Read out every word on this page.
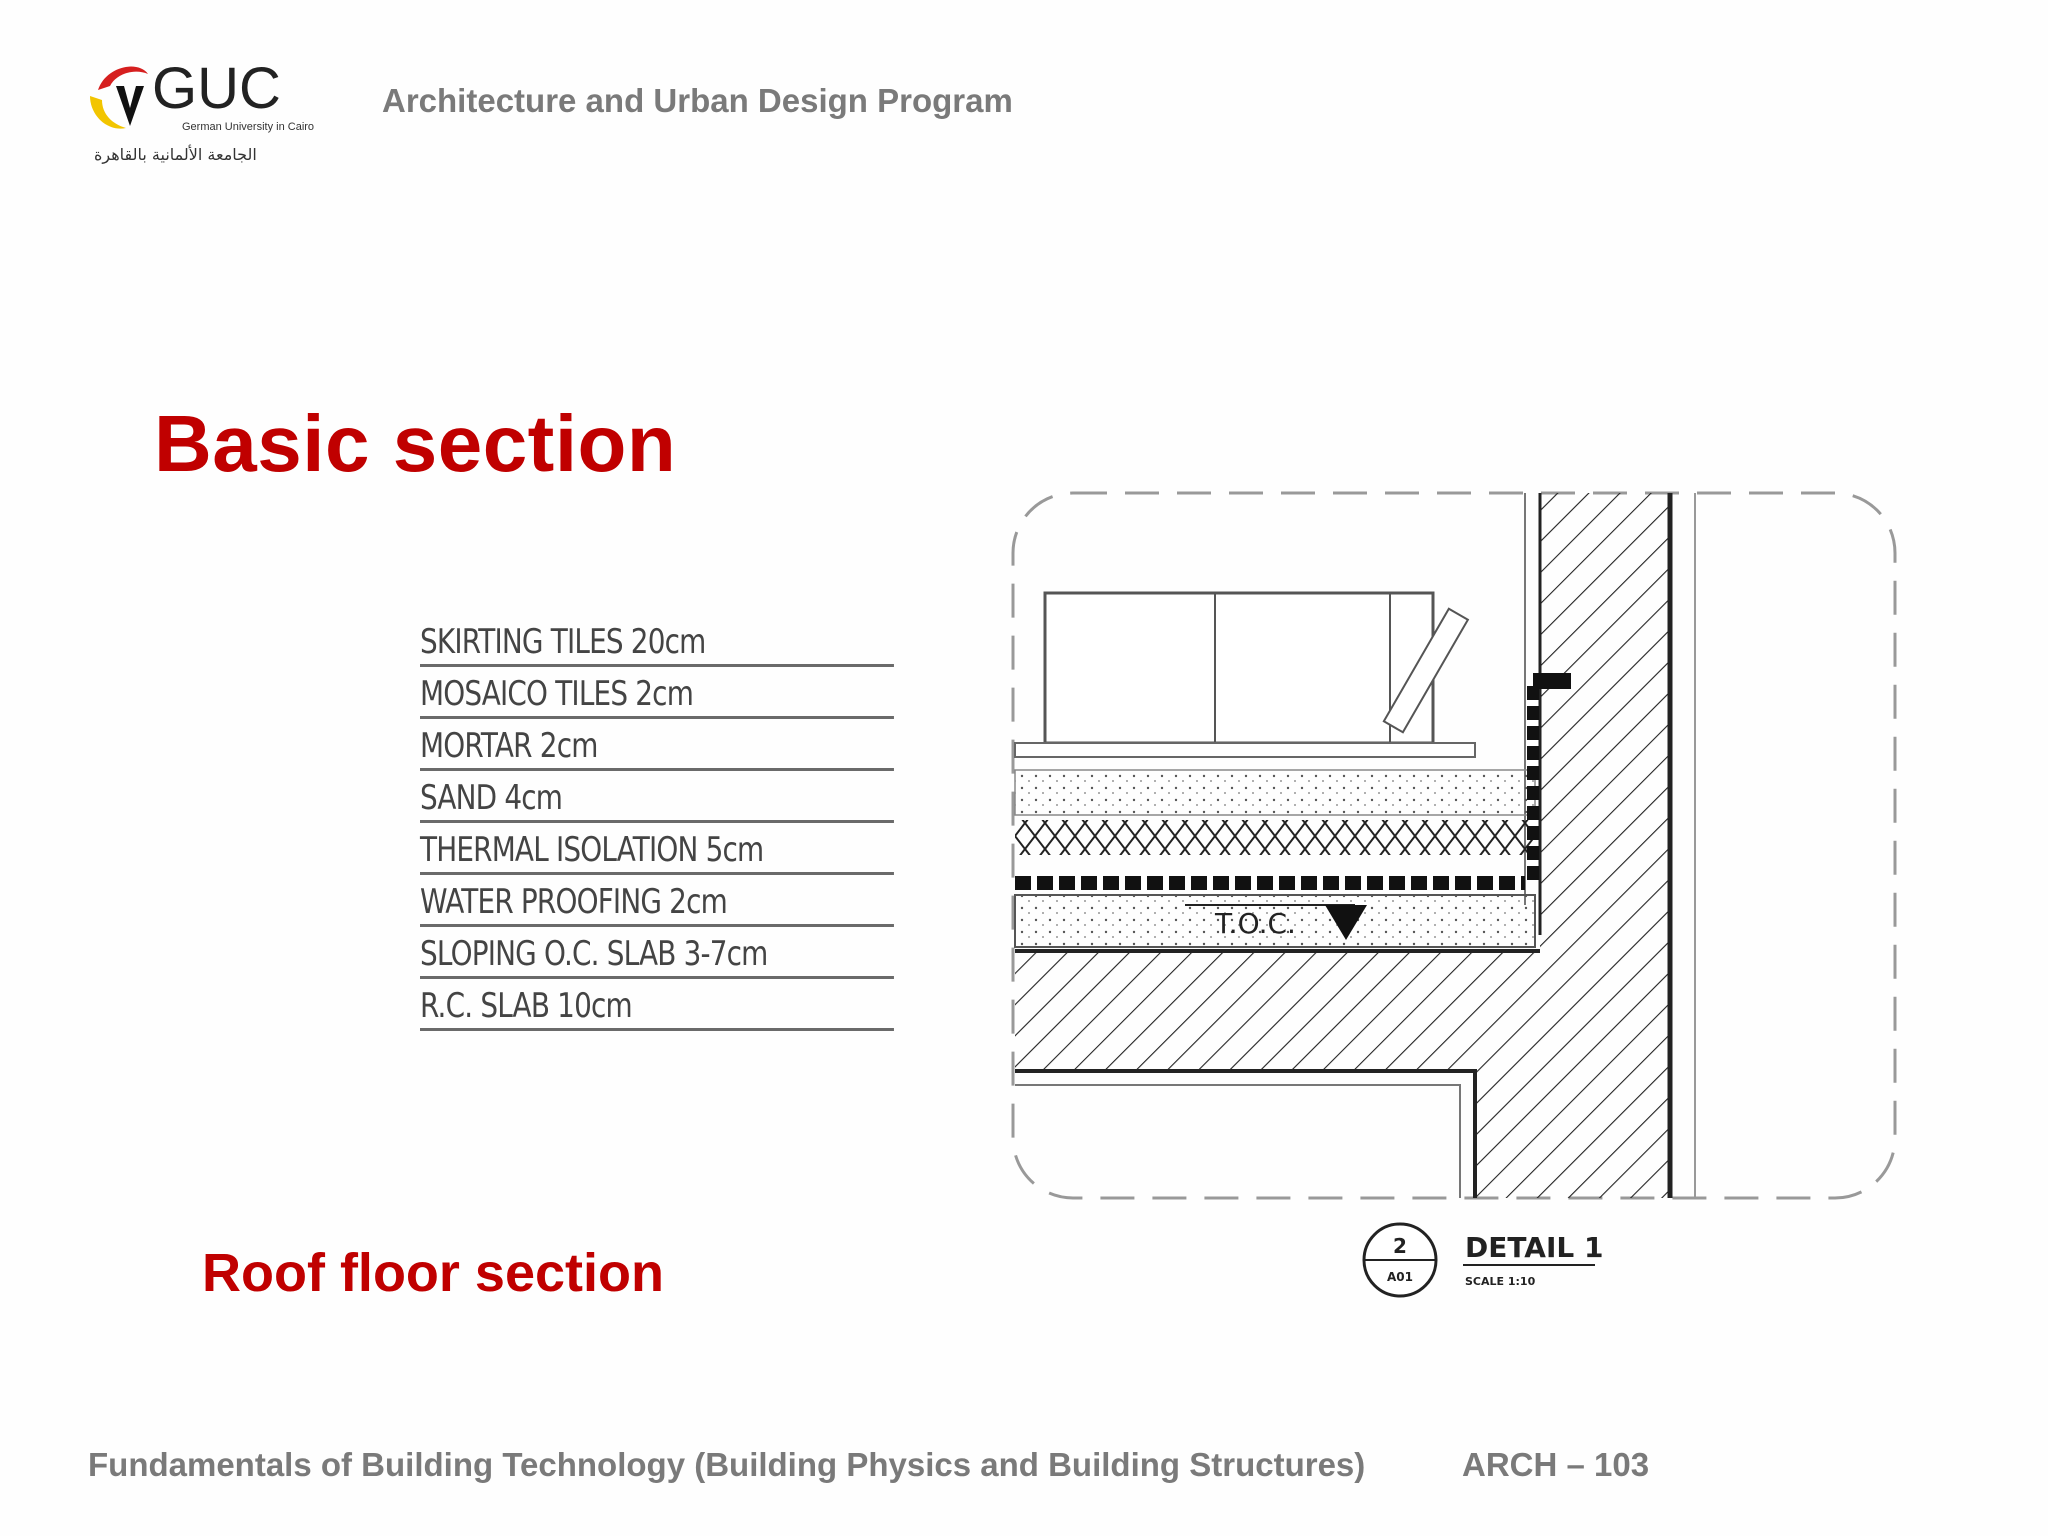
GUC
German University in Cairo
الجامعة الألمانية بالقاهرة
Architecture and Urban Design Program
Basic section
SKIRTING TILES 20cm
MOSAICO TILES 2cm
MORTAR 2cm
SAND 4cm
THERMAL ISOLATION 5cm
WATER PROOFING 2cm
SLOPING O.C. SLAB 3-7cm
R.C. SLAB 10cm
T.O.C.
2
A01
DETAIL 1
SCALE 1:10
Roof floor section
Fundamentals of Building Technology (Building Physics and Building Structures)	ARCH – 103
